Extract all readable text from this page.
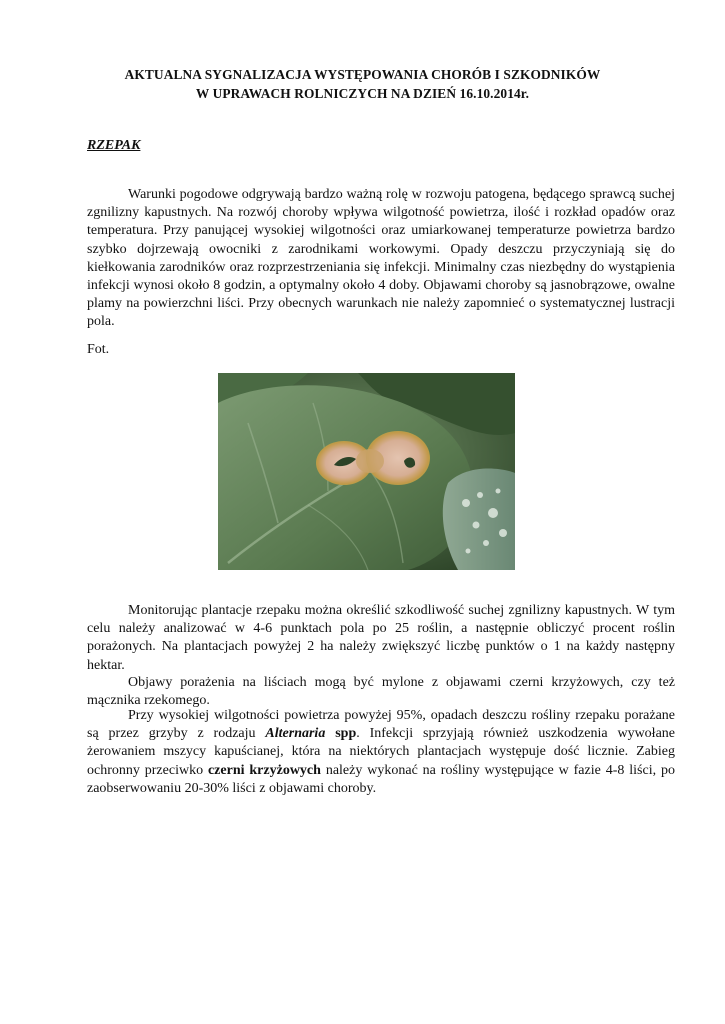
AKTUALNA SYGNALIZACJA WYSTĘPOWANIA CHORÓB I SZKODNIKÓW
W UPRAWACH ROLNICZYCH NA DZIEŃ 16.10.2014r.
RZEPAK

Warunki pogodowe odgrywają bardzo ważną rolę w rozwoju patogena, będącego sprawcą suchej zgnilizny kapustnych. Na rozwój choroby wpływa wilgotność powietrza, ilość i rozkład opadów oraz temperatura. Przy panującej wysokiej wilgotności oraz umiarkowanej temperaturze powietrza bardzo szybko dojrzewają owocniki z zarodnikami workowymi. Opady deszczu przyczyniają się do kiełkowania zarodników oraz rozprzestrzeniania się infekcji. Minimalny czas niezbędny do wystąpienia infekcji wynosi około 8 godzin, a optymalny około 4 doby. Objawami choroby są jasnobrązowe, owalne plamy na powierzchni liści. Przy obecnych warunkach nie należy zapomnieć o systematycznej lustracji pola.

Fot.

Monitorując plantacje rzepaku można określić szkodliwość suchej zgnilizny kapustnych. W tym celu należy analizować w 4-6 punktach pola po 25 roślin, a następnie obliczyć procent roślin porażonych. Na plantacjach powyżej 2 ha należy zwiększyć liczbę punktów o 1 na każdy następny hektar.

Objawy porażenia na liściach mogą być mylone z objawami czerni krzyżowych, czy też mącznika rzekomego.

Przy wysokiej wilgotności powietrza powyżej 95%, opadach deszczu rośliny rzepaku porażane są przez grzyby z rodzaju Alternaria spp. Infekcji sprzyjają również uszkodzenia wywołane żerowaniem mszycy kapuścianej, która na niektórych plantacjach występuje dość licznie. Zabieg ochronny przeciwko czerni krzyżowych należy wykonać na rośliny występujące w fazie 4-8 liści, po zaobserwowaniu 20-30% liści z objawami choroby.
